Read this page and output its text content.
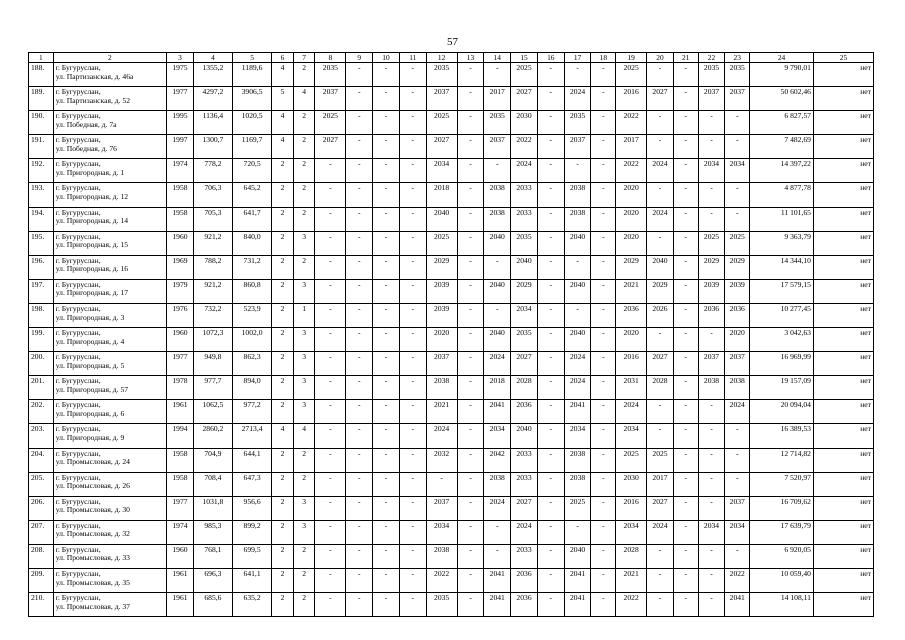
57
1	2	3	4	5	6	7	8	9	10	11	12	13	14	15	16	17	18	19	20	21	22	23	24	25
188.	г. Бугуруслан,
ул. Партизанская, д. 46а	1975	1355,2	1189,6	4	2	2035	-	-	-	2035	-	-	2025	-	-	-	2025	-	-	2035	2035	9 790,01	нет
189.	г. Бугуруслан,
ул. Партизанская, д. 52	1977	4297,2	3906,5	5	4	2037	-	-	-	2037	-	2017	2027	-	2024	-	2016	2027	-	2037	2037	50 602,46	нет
190.	г. Бугуруслан,
ул. Победная, д. 7а	1995	1136,4	1020,5	4	2	2025	-	-	-	2025	-	2035	2030	-	2035	-	2022	-	-	-	-	6 827,57	нет
191.	г. Бугуруслан,
ул. Победная, д. 76	1997	1300,7	1169,7	4	2	2027	-	-	-	2027	-	2037	2022	-	2037	-	2017	-	-	-	-	7 482,69	нет
192.	г. Бугуруслан,
ул. Пригородная, д. 1	1974	778,2	720,5	2	2	-	-	-	-	2034	-	-	2024	-	-	-	2022	2024	-	2034	2034	14 397,22	нет
193.	г. Бугуруслан,
ул. Пригородная, д. 12	1958	706,3	645,2	2	2	-	-	-	-	2018	-	2038	2033	-	2038	-	2020	-	-	-	-	4 877,78	нет
194.	г. Бугуруслан,
ул. Пригородная, д. 14	1958	705,3	641,7	2	2	-	-	-	-	2040	-	2038	2033	-	2038	-	2020	2024	-	-	-	11 101,65	нет
195.	г. Бугуруслан,
ул. Пригородная, д. 15	1960	921,2	840,0	2	3	-	-	-	-	2025	-	2040	2035	-	2040	-	2020	-	-	2025	2025	9 363,79	нет
196.	г. Бугуруслан,
ул. Пригородная, д. 16	1969	788,2	731,2	2	2	-	-	-	-	2029	-	-	2040	-	-	-	2029	2040	-	2029	2029	14 344,10	нет
197.	г. Бугуруслан,
ул. Пригородная, д. 17	1979	921,2	860,8	2	3	-	-	-	-	2039	-	2040	2029	-	2040	-	2021	2029	-	2039	2039	17 579,15	нет
198.	г. Бугуруслан,
ул. Пригородная, д. 3	1976	732,2	523,9	2	1	-	-	-	-	2039	-	-	2034	-	-	-	2036	2026	-	2036	2036	10 277,45	нет
199.	г. Бугуруслан,
ул. Пригородная, д. 4	1960	1072,3	1002,0	2	3	-	-	-	-	2020	-	2040	2035	-	2040	-	2020	-	-	-	2020	3 042,63	нет
200.	г. Бугуруслан,
ул. Пригородная, д. 5	1977	949,8	862,3	2	3	-	-	-	-	2037	-	2024	2027	-	2024	-	2016	2027	-	2037	2037	16 969,99	нет
201.	г. Бугуруслан,
ул. Пригородная, д. 57	1978	977,7	894,0	2	3	-	-	-	-	2038	-	2018	2028	-	2024	-	2031	2028	-	2038	2038	19 157,09	нет
202.	г. Бугуруслан,
ул. Пригородная, д. 6	1961	1062,5	977,2	2	3	-	-	-	-	2021	-	2041	2036	-	2041	-	2024	-	-	-	2024	20 094,04	нет
203.	г. Бугуруслан,
ул. Пригородная, д. 9	1994	2860,2	2713,4	4	4	-	-	-	-	2024	-	2034	2040	-	2034	-	2034	-	-	-	-	16 389,53	нет
204.	г. Бугуруслан,
ул. Промысловая, д. 24	1958	704,9	644,1	2	2	-	-	-	-	2032	-	2042	2033	-	2038	-	2025	2025	-	-	-	12 714,82	нет
205.	г. Бугуруслан,
ул. Промысловая, д. 26	1958	708,4	647,3	2	2	-	-	-	-	-	-	2038	2033	-	2038	-	2030	2017	-	-	-	7 520,97	нет
206.	г. Бугуруслан,
ул. Промысловая, д. 30	1977	1031,8	956,6	2	3	-	-	-	-	2037	-	2024	2027	-	2025	-	2016	2027	-	-	2037	16 709,62	нет
207.	г. Бугуруслан,
ул. Промысловая, д. 32	1974	985,3	899,2	2	3	-	-	-	-	2034	-	-	2024	-	-	-	2034	2024	-	2034	2034	17 639,79	нет
208.	г. Бугуруслан,
ул. Промысловая, д. 33	1960	768,1	699,5	2	2	-	-	-	-	2038	-	-	2033	-	2040	-	2028	-	-	-	-	6 920,05	нет
209.	г. Бугуруслан,
ул. Промысловая, д. 35	1961	696,3	641,1	2	2	-	-	-	-	2022	-	2041	2036	-	2041	-	2021	-	-	-	2022	10 059,40	нет
210.	г. Бугуруслан,
ул. Промысловая, д. 37	1961	685,6	635,2	2	2	-	-	-	-	2035	-	2041	2036	-	2041	-	2022	-	-	-	2041	14 108,11	нет
